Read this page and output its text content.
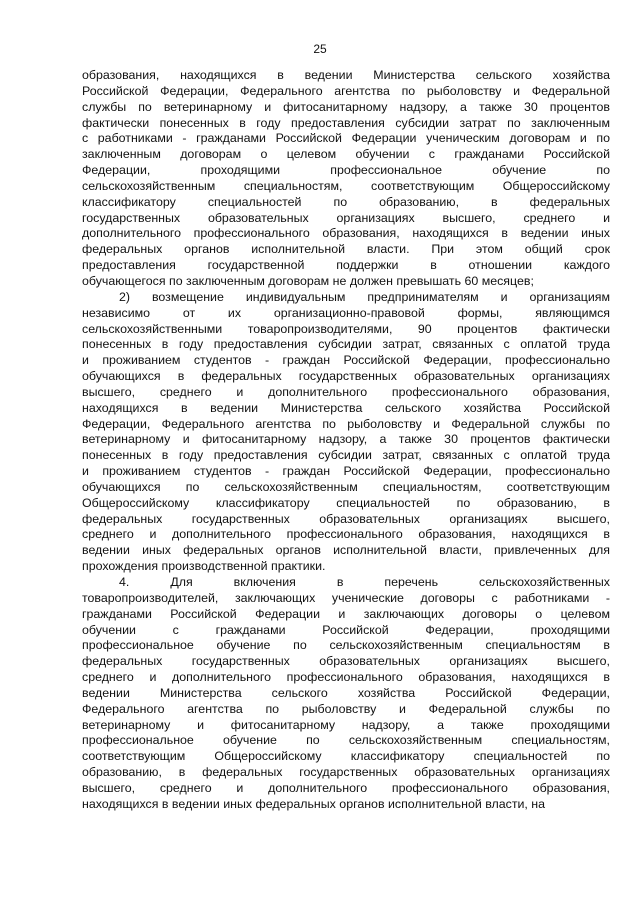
25
образования, находящихся в ведении Министерства сельского хозяйства
Российской Федерации, Федерального агентства по рыболовству и Федеральной
службы по ветеринарному и фитосанитарному надзору, а также 30 процентов
фактически понесенных в году предоставления субсидии затрат по заключенным
с работниками - гражданами Российской Федерации ученическим договорам и по
заключенным договорам о целевом обучении с гражданами Российской
Федерации, проходящими профессиональное обучение по
сельскохозяйственным специальностям, соответствующим Общероссийскому
классификатору специальностей по образованию, в федеральных
государственных образовательных организациях высшего, среднего и
дополнительного профессионального образования, находящихся в ведении иных
федеральных органов исполнительной власти. При этом общий срок
предоставления государственной поддержки в отношении каждого
обучающегося по заключенным договорам не должен превышать 60 месяцев;
2) возмещение индивидуальным предпринимателям и организациям
независимо от их организационно-правовой формы, являющимся
сельскохозяйственными товаропроизводителями, 90 процентов фактически
понесенных в году предоставления субсидии затрат, связанных с оплатой труда
и проживанием студентов - граждан Российской Федерации, профессионально
обучающихся в федеральных государственных образовательных организациях
высшего, среднего и дополнительного профессионального образования,
находящихся в ведении Министерства сельского хозяйства Российской
Федерации, Федерального агентства по рыболовству и Федеральной службы по
ветеринарному и фитосанитарному надзору, а также 30 процентов фактически
понесенных в году предоставления субсидии затрат, связанных с оплатой труда
и проживанием студентов - граждан Российской Федерации, профессионально
обучающихся по сельскохозяйственным специальностям, соответствующим
Общероссийскому классификатору специальностей по образованию, в
федеральных государственных образовательных организациях высшего,
среднего и дополнительного профессионального образования, находящихся в
ведении иных федеральных органов исполнительной власти, привлеченных для
прохождения производственной практики.
4. Для включения в перечень сельскохозяйственных
товаропроизводителей, заключающих ученические договоры с работниками -
гражданами Российской Федерации и заключающих договоры о целевом
обучении с гражданами Российской Федерации, проходящими
профессиональное обучение по сельскохозяйственным специальностям в
федеральных государственных образовательных организациях высшего,
среднего и дополнительного профессионального образования, находящихся в
ведении Министерства сельского хозяйства Российской Федерации,
Федерального агентства по рыболовству и Федеральной службы по
ветеринарному и фитосанитарному надзору, а также проходящими
профессиональное обучение по сельскохозяйственным специальностям,
соответствующим Общероссийскому классификатору специальностей по
образованию, в федеральных государственных образовательных организациях
высшего, среднего и дополнительного профессионального образования,
находящихся в ведении иных федеральных органов исполнительной власти, на
